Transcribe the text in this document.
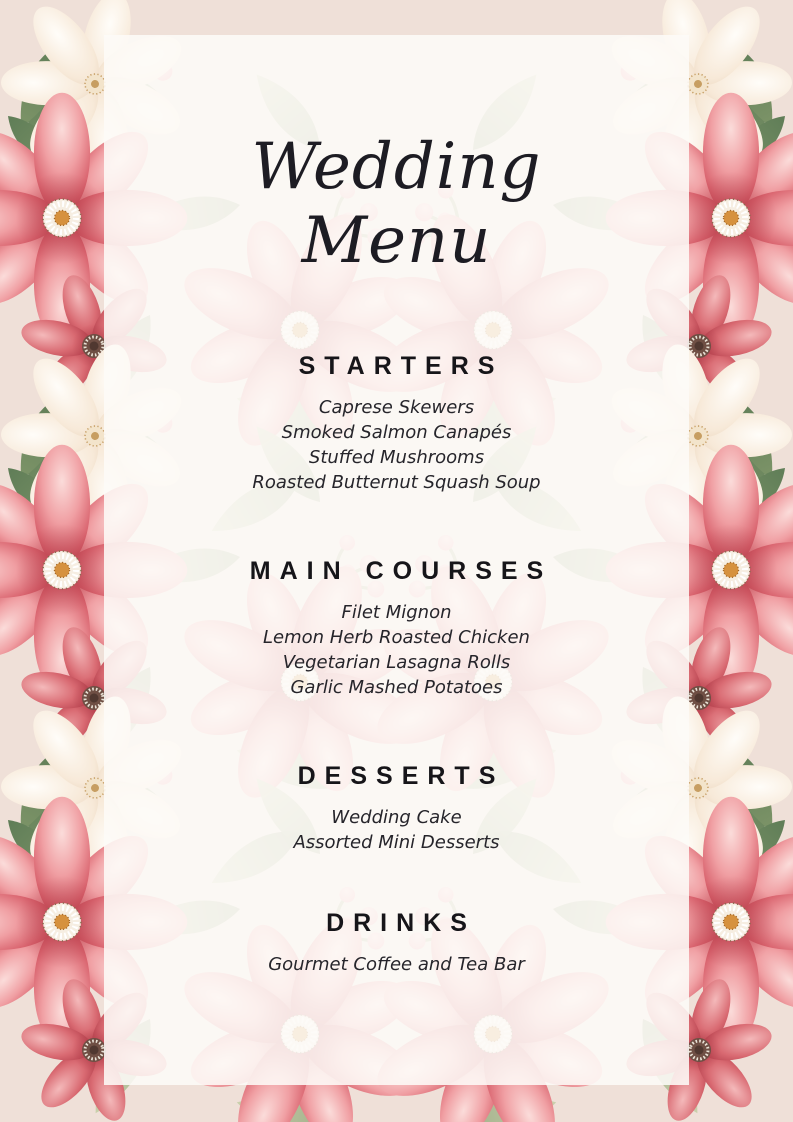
Wedding
Menu
STARTERS

Caprese Skewers

Smoked Salmon Canapés

Stuffed Mushrooms

Roasted Butternut Squash Soup

MAIN COURSES

Filet Mignon

Lemon Herb Roasted Chicken

Vegetarian Lasagna Rolls

Garlic Mashed Potatoes

DESSERTS

Wedding Cake

Assorted Mini Desserts

DRINKS

Gourmet Coffee and Tea Bar
